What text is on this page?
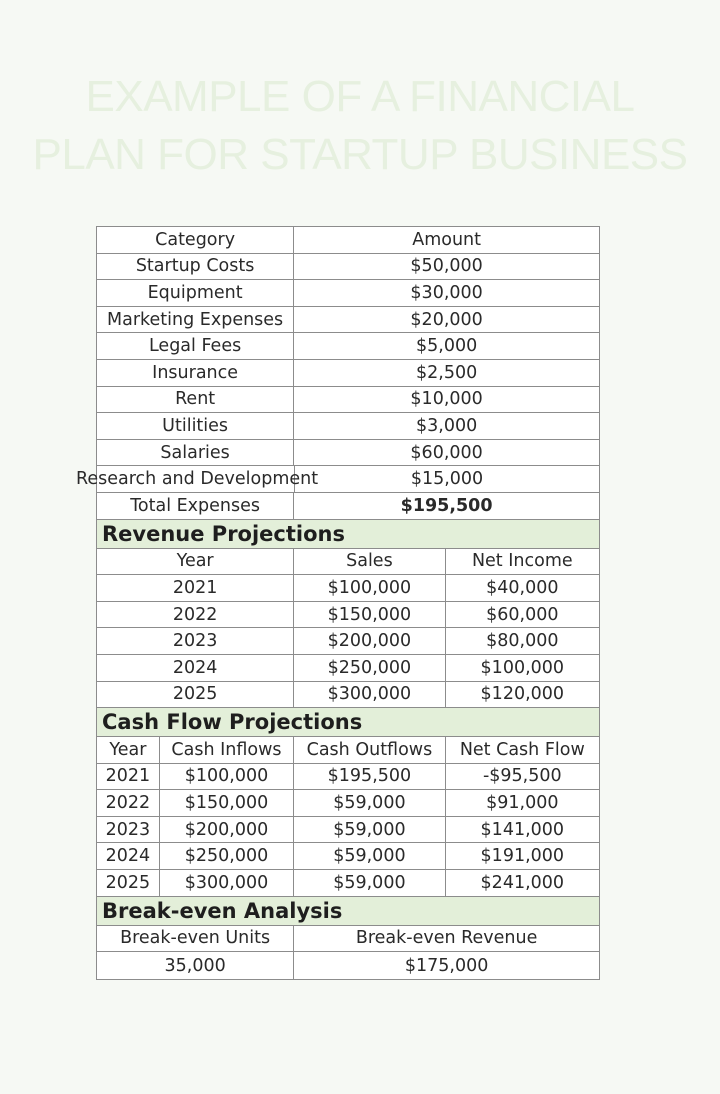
EXAMPLE OF A FINANCIAL
PLAN FOR STARTUP BUSINESS
Category	Amount
Startup Costs	$50,000
Equipment	$30,000
Marketing Expenses	$20,000
Legal Fees	$5,000
Insurance	$2,500
Rent	$10,000
Utilities	$3,000
Salaries	$60,000
Research and Development	$15,000
Total Expenses	$195,500
Revenue Projections
Year	Sales	Net Income
2021	$100,000	$40,000
2022	$150,000	$60,000
2023	$200,000	$80,000
2024	$250,000	$100,000
2025	$300,000	$120,000
Cash Flow Projections
Year	Cash Inflows	Cash Outflows	Net Cash Flow
2021	$100,000	$195,500	-$95,500
2022	$150,000	$59,000	$91,000
2023	$200,000	$59,000	$141,000
2024	$250,000	$59,000	$191,000
2025	$300,000	$59,000	$241,000
Break-even Analysis
Break-even Units	Break-even Revenue
35,000	$175,000
